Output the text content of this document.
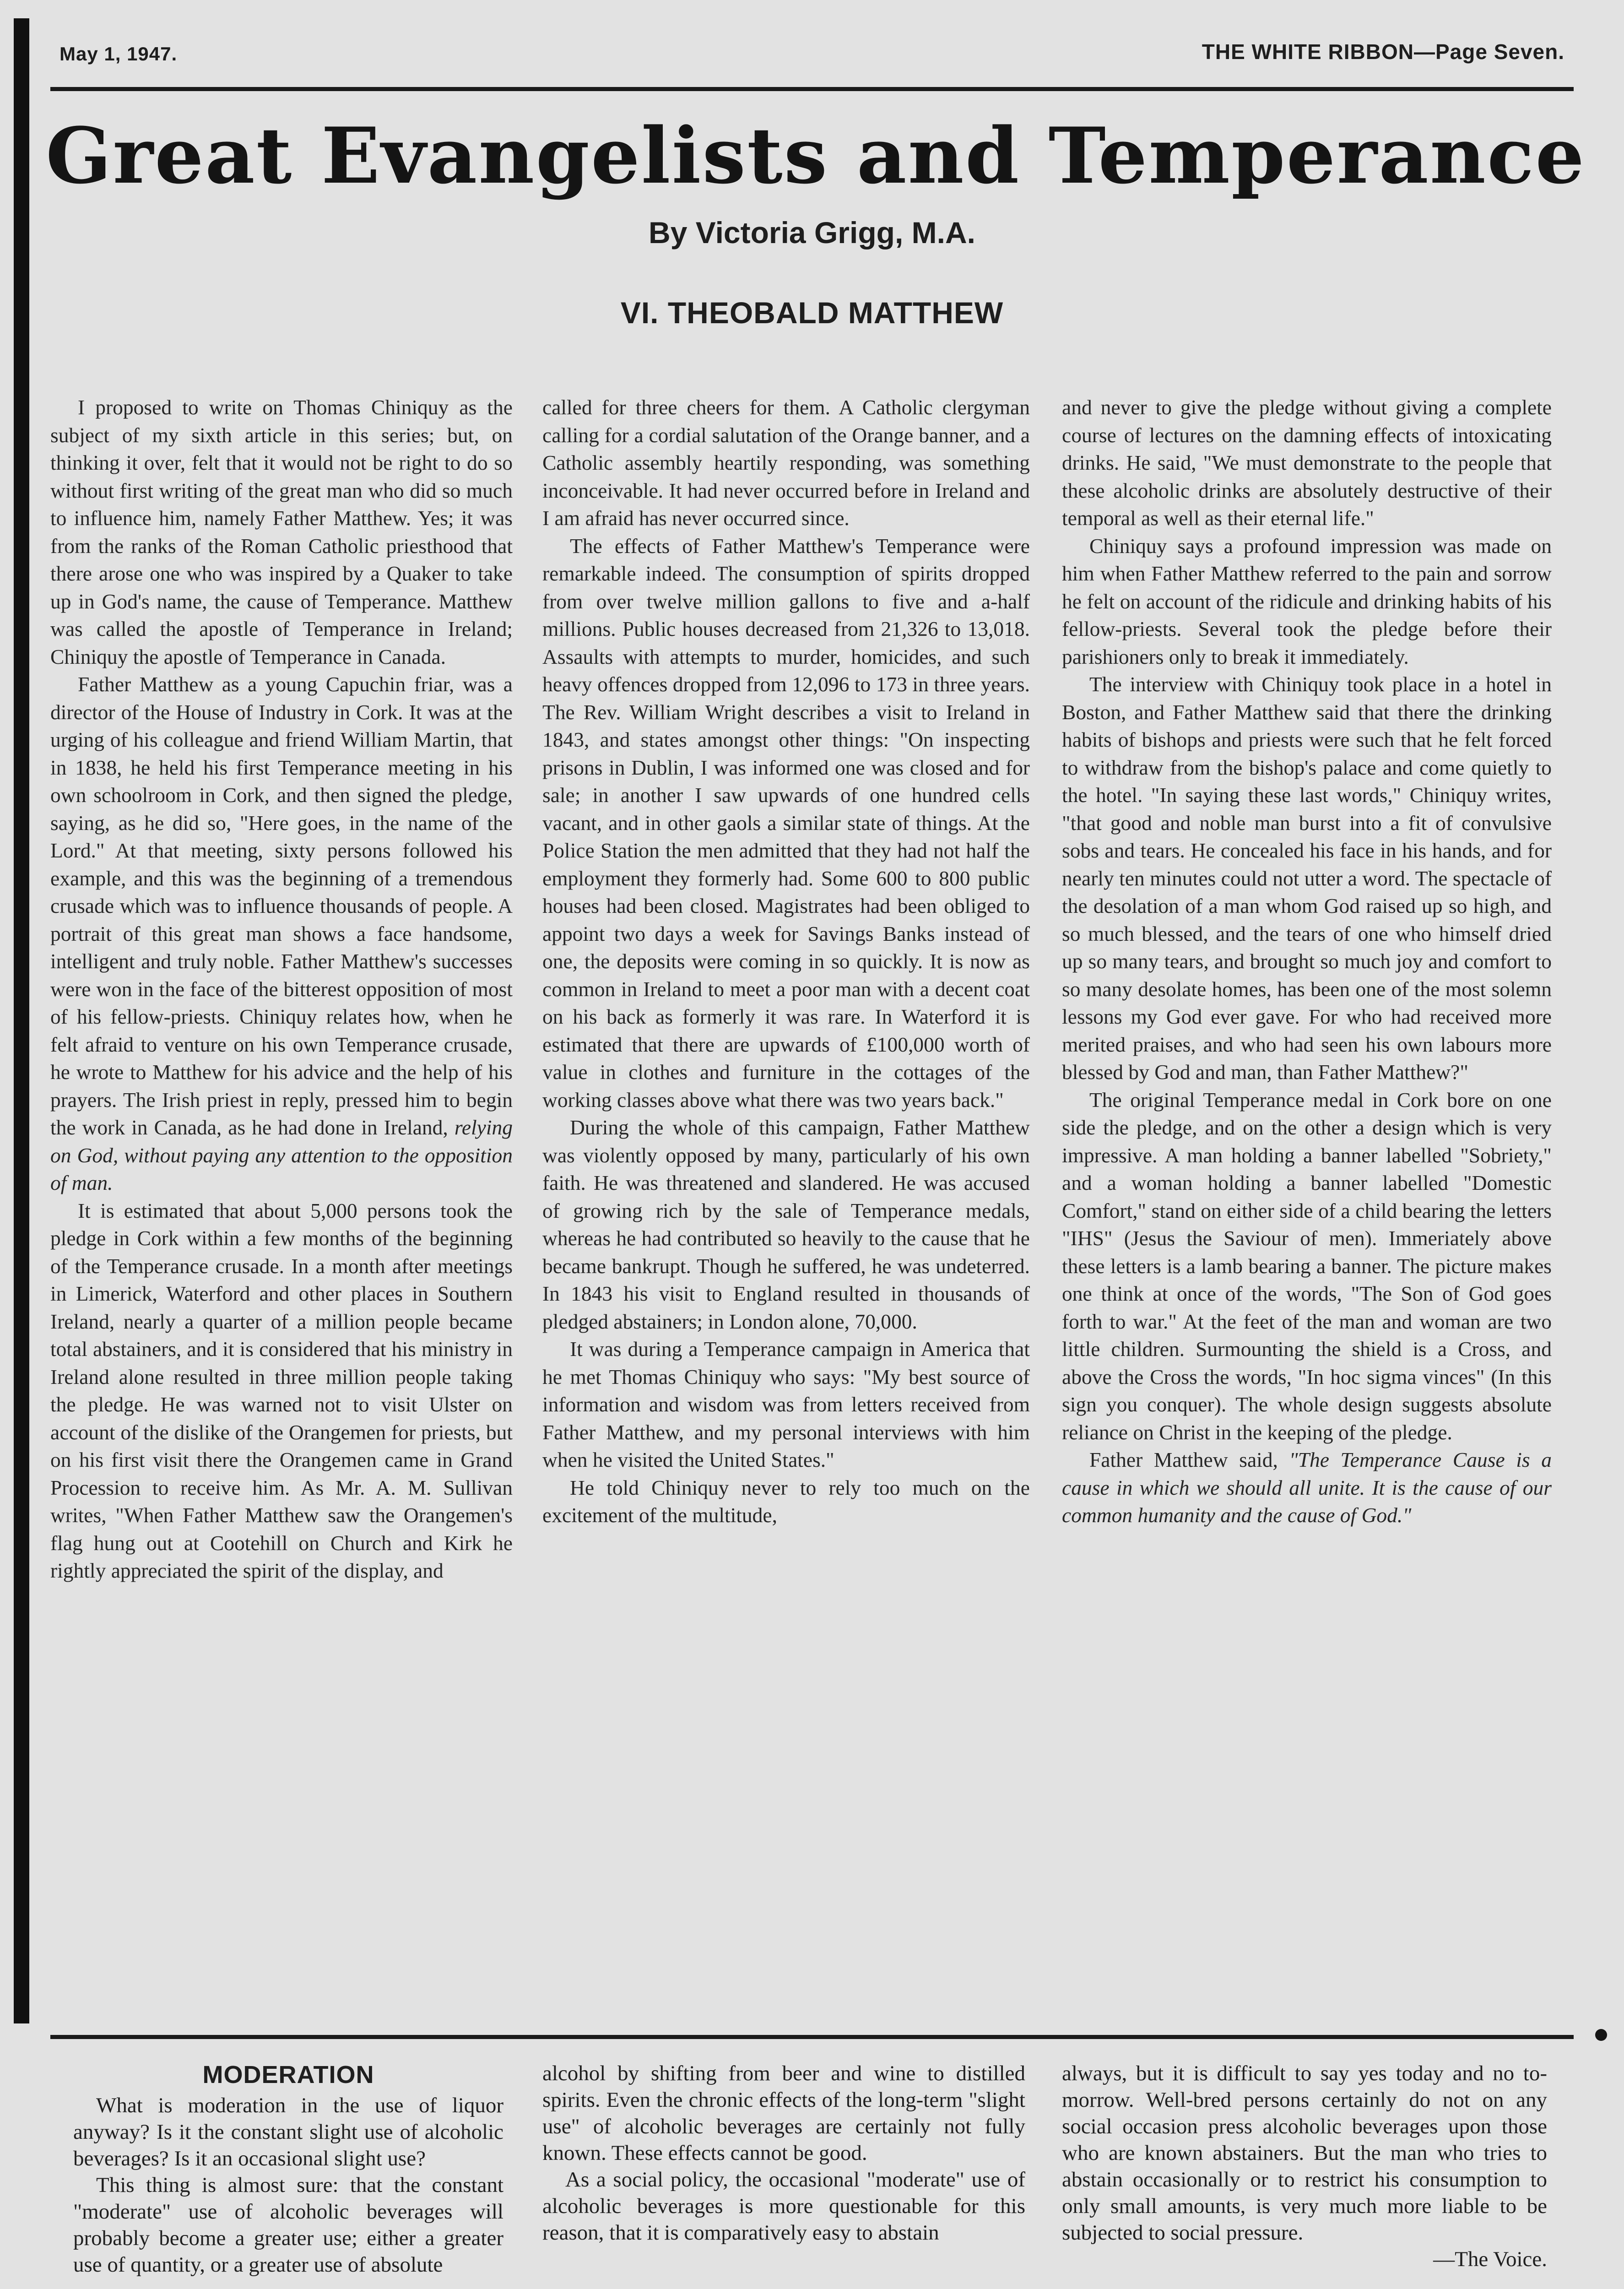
May 1, 1947.	THE WHITE RIBBON—Page Seven.
Great Evangelists and Temperance
By Victoria Grigg, M.A.
VI. THEOBALD MATTHEW

I proposed to write on Thomas Chiniquy as the subject of my sixth article in this series; but, on thinking it over, felt that it would not be right to do so without first writing of the great man who did so much to influence him, namely Father Matthew. Yes; it was from the ranks of the Roman Catholic priesthood that there arose one who was inspired by a Quaker to take up in God's name, the cause of Temperance. Matthew was called the apostle of Temperance in Ireland; Chiniquy the apostle of Temperance in Canada.

Father Matthew as a young Capuchin friar, was a director of the House of Industry in Cork. It was at the urging of his colleague and friend William Martin, that in 1838, he held his first Temperance meeting in his own schoolroom in Cork, and then signed the pledge, saying, as he did so, "Here goes, in the name of the Lord." At that meeting, sixty persons followed his example, and this was the beginning of a tremendous crusade which was to influence thousands of people. A portrait of this great man shows a face handsome, intelligent and truly noble. Father Matthew's successes were won in the face of the bitterest opposition of most of his fellow-priests. Chiniquy relates how, when he felt afraid to venture on his own Temperance crusade, he wrote to Matthew for his advice and the help of his prayers. The Irish priest in reply, pressed him to begin the work in Canada, as he had done in Ireland, relying on God, without paying any attention to the opposition of man.

It is estimated that about 5,000 persons took the pledge in Cork within a few months of the beginning of the Temperance crusade. In a month after meetings in Limerick, Waterford and other places in Southern Ireland, nearly a quarter of a million people became total abstainers, and it is considered that his ministry in Ireland alone resulted in three million people taking the pledge. He was warned not to visit Ulster on account of the dislike of the Orangemen for priests, but on his first visit there the Orangemen came in Grand Procession to receive him. As Mr. A. M. Sullivan writes, "When Father Matthew saw the Orangemen's flag hung out at Cootehill on Church and Kirk he rightly appreciated the spirit of the display, and

called for three cheers for them. A Catholic clergyman calling for a cordial salutation of the Orange banner, and a Catholic assembly heartily responding, was something inconceivable. It had never occurred before in Ireland and I am afraid has never occurred since.

The effects of Father Matthew's Temperance were remarkable indeed. The consumption of spirits dropped from over twelve million gallons to five and a-half millions. Public houses decreased from 21,326 to 13,018. Assaults with attempts to murder, homicides, and such heavy offences dropped from 12,096 to 173 in three years. The Rev. William Wright describes a visit to Ireland in 1843, and states amongst other things: "On inspecting prisons in Dublin, I was informed one was closed and for sale; in another I saw upwards of one hundred cells vacant, and in other gaols a similar state of things. At the Police Station the men admitted that they had not half the employment they formerly had. Some 600 to 800 public houses had been closed. Magistrates had been obliged to appoint two days a week for Savings Banks instead of one, the deposits were coming in so quickly. It is now as common in Ireland to meet a poor man with a decent coat on his back as formerly it was rare. In Waterford it is estimated that there are upwards of £100,000 worth of value in clothes and furniture in the cottages of the working classes above what there was two years back."

During the whole of this campaign, Father Matthew was violently opposed by many, particularly of his own faith. He was threatened and slandered. He was accused of growing rich by the sale of Temperance medals, whereas he had contributed so heavily to the cause that he became bankrupt. Though he suffered, he was undeterred. In 1843 his visit to England resulted in thousands of pledged abstainers; in London alone, 70,000.

It was during a Temperance campaign in America that he met Thomas Chiniquy who says: "My best source of information and wisdom was from letters received from Father Matthew, and my personal interviews with him when he visited the United States."

He told Chiniquy never to rely too much on the excitement of the multitude,

and never to give the pledge without giving a complete course of lectures on the damning effects of intoxicating drinks. He said, "We must demonstrate to the people that these alcoholic drinks are absolutely destructive of their temporal as well as their eternal life."

Chiniquy says a profound impression was made on him when Father Matthew referred to the pain and sorrow he felt on account of the ridicule and drinking habits of his fellow-priests. Several took the pledge before their parishioners only to break it immediately.

The interview with Chiniquy took place in a hotel in Boston, and Father Matthew said that there the drinking habits of bishops and priests were such that he felt forced to withdraw from the bishop's palace and come quietly to the hotel. "In saying these last words," Chiniquy writes, "that good and noble man burst into a fit of convulsive sobs and tears. He concealed his face in his hands, and for nearly ten minutes could not utter a word. The spectacle of the desolation of a man whom God raised up so high, and so much blessed, and the tears of one who himself dried up so many tears, and brought so much joy and comfort to so many desolate homes, has been one of the most solemn lessons my God ever gave. For who had received more merited praises, and who had seen his own labours more blessed by God and man, than Father Matthew?"

The original Temperance medal in Cork bore on one side the pledge, and on the other a design which is very impressive. A man holding a banner labelled "Sobriety," and a woman holding a banner labelled "Domestic Comfort," stand on either side of a child bearing the letters "IHS" (Jesus the Saviour of men). Immeriately above these letters is a lamb bearing a banner. The picture makes one think at once of the words, "The Son of God goes forth to war." At the feet of the man and woman are two little children. Surmounting the shield is a Cross, and above the Cross the words, "In hoc sigma vinces" (In this sign you conquer). The whole design suggests absolute reliance on Christ in the keeping of the pledge.

Father Matthew said, "The Temperance Cause is a cause in which we should all unite. It is the cause of our common humanity and the cause of God."

MODERATION

What is moderation in the use of liquor anyway? Is it the constant slight use of alcoholic beverages? Is it an occasional slight use?

This thing is almost sure: that the constant "moderate" use of alcoholic beverages will probably become a greater use; either a greater use of quantity, or a greater use of absolute

alcohol by shifting from beer and wine to distilled spirits. Even the chronic effects of the long-term "slight use" of alcoholic beverages are certainly not fully known. These effects cannot be good.

As a social policy, the occasional "moderate" use of alcoholic beverages is more questionable for this reason, that it is comparatively easy to abstain

always, but it is difficult to say yes today and no to-morrow. Well-bred persons certainly do not on any social occasion press alcoholic beverages upon those who are known abstainers. But the man who tries to abstain occasionally or to restrict his consumption to only small amounts, is very much more liable to be subjected to social pressure.

—The Voice.
